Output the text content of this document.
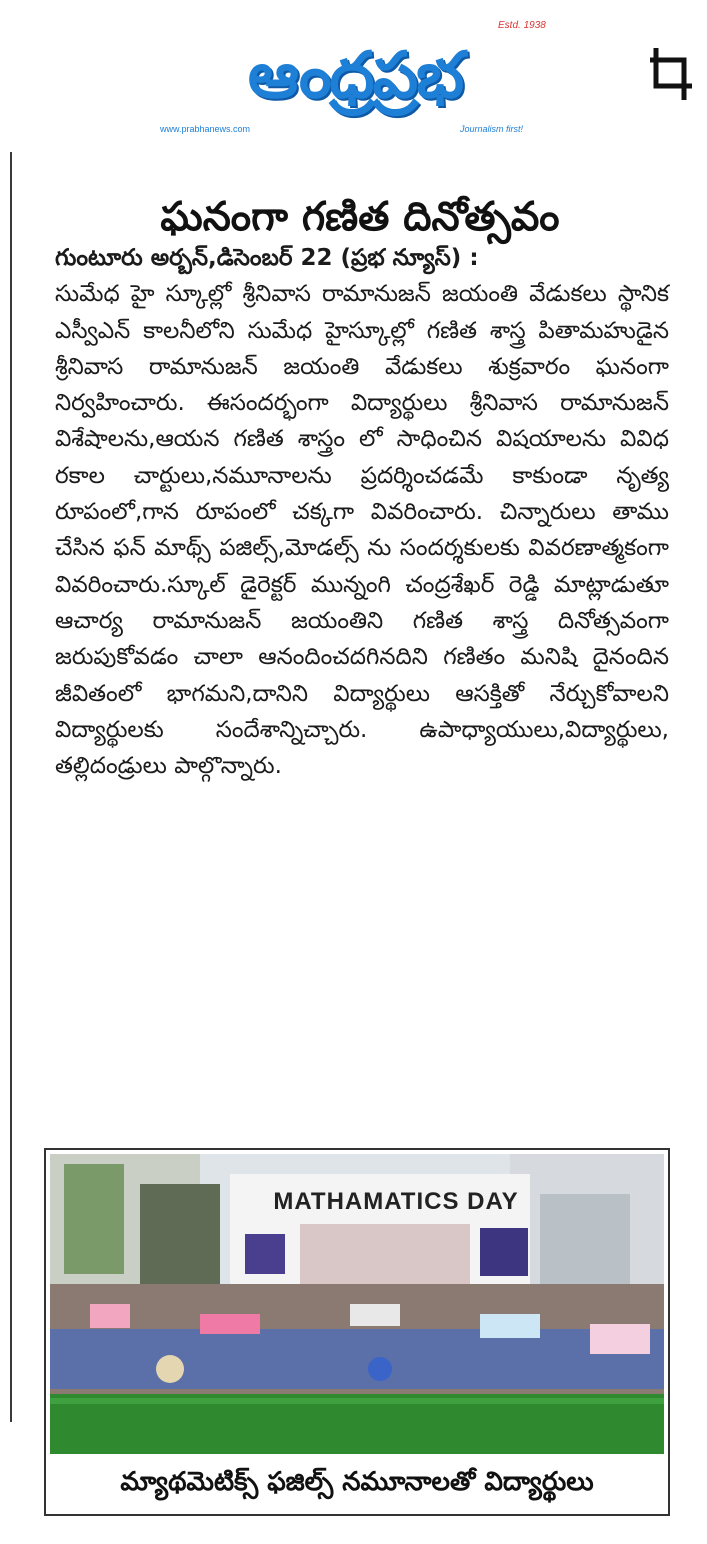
ఆంధ్రప్రభ
Estd. 1938
www.prabhanews.com	Journalism first!
ఘనంగా గణిత దినోత్సవం

గుంటూరు అర్బన్,డిసెంబర్ 22 (ప్రభ న్యూస్) :

సుమేధ హై స్కూల్లో శ్రీనివాస రామానుజన్ జయంతి వేడుకలు స్థానిక ఎస్వీఎన్ కాలనీలోని సుమేధ హైస్కూల్లో గణిత శాస్త్ర పితామహుడైన శ్రీనివాస రామానుజన్ జయంతి వేడుకలు శుక్రవారం ఘనంగా నిర్వహించారు. ఈసందర్భంగా విద్యార్థులు శ్రీనివాస రామానుజన్ విశేషాలను,ఆయన గణిత శాస్త్రం లో సాధించిన విషయాలను వివిధ రకాల చార్టులు,నమూనాలను ప్రదర్శించడమే కాకుండా నృత్య రూపంలో,గాన రూపంలో చక్కగా వివరించారు. చిన్నారులు తాము చేసిన ఫన్ మాథ్స్ పజిల్స్,మోడల్స్ ను సందర్శకులకు వివరణాత్మకంగా వివరించారు.స్కూల్ డైరెక్టర్ మున్నంగి చంద్రశేఖర్ రెడ్డి మాట్లాడుతూ ఆచార్య రామానుజన్ జయంతిని గణిత శాస్త్ర దినోత్సవంగా జరుపుకోవడం చాలా ఆనందించదగినదిని గణితం మనిషి దైనందిన జీవితంలో భాగమని,దానిని విద్యార్థులు ఆసక్తితో నేర్చుకోవాలని విద్యార్థులకు సందేశాన్నిచ్చారు. ఉపాధ్యాయులు,విద్యార్థులు, తల్లిదండ్రులు పాల్గొన్నారు.

MATHAMATICS DAY
మ్యాథమెటిక్స్ ఫజిల్స్ నమూనాలతో విద్యార్థులు
